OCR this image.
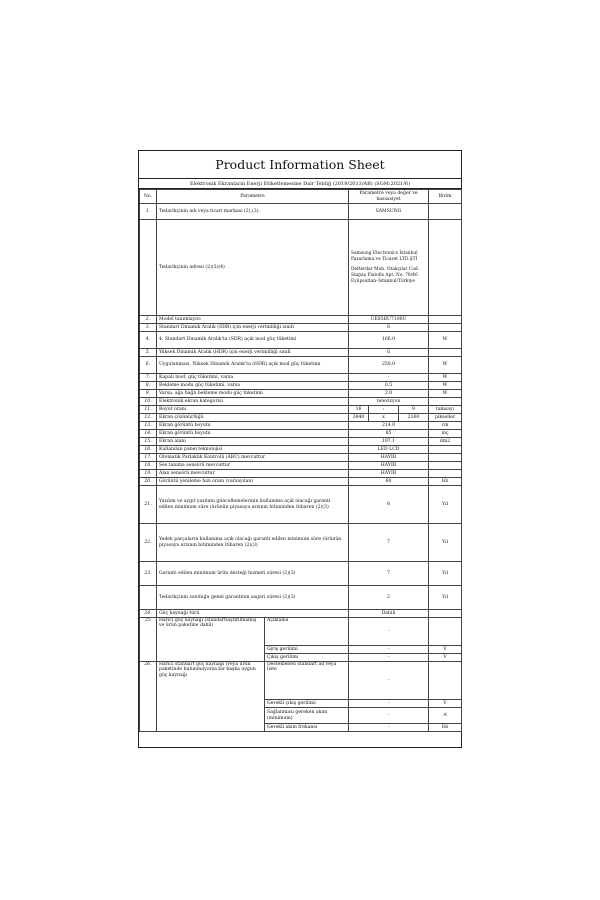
Product Information Sheet
Elektronik Ekranların Enerji Etiketlemesine Dair Tebliğ (2019/2013/AB) (SGM:2021/6)
No.	Parametre		Parametre veya değer ve hassasiyet			Birim
1.	Tedarikçinin adı veya ticari markası (2),(3).		SAMSUNG			
	Tedarikçinin adresi (2)(3)(4)		Samsung Electronics İstanbul
Pazarlama ve Ticaret LTD.ŞTİ
Defterdar Mah. Otakçılar Cad.
Sinpaş Flatofis Apt. No. 78/46
Eyüpsultan–İstanbul/Türkiye			

2.	Model tanımlayıcı		UE85BU7100U			
3.	Standart Dinamik Aralık (SDR) için enerji verimliliği sınıfı		G			
4.	4. Standart Dinamik Aralık'ta (SDR) açık mod güç tüketimi		166.0			W
5.	Yüksek Dinamik Aralık (HDR) için enerji verimliliği sınıfı		G			
6.	Uygulanması, Yüksek Dinamik Aralık'ta (HDR) açık mod güç tüketimi		250.0			W
7.	Kapalı mod, güç tüketimi, varsa		-			W
8.	Bekleme modu güç tüketimi, varsa		0.5			W
9.	Varsa, ağa bağlı bekleme modu güç tüketimi		2.0			W
10.	Elektronik ekran kategorisi		televizyon			
11.	Boyut oranı		16	:	9	tamsayı
12.	Ekran çözünürlüğü		3840	x	2160	pikseller
13.	Ekran görüntü boyutu		214.0			cm
14.	Ekran görüntü boyutu		85			inç
15.	Ekran alanı		197.1			dm2
16.	Kullanılan panel teknolojisi		LED LCD			
17.	Otomatik Parlaklık Kontrolü (ABC) mevcuttur		HAYIR			
18.	Ses tanıma sensörü mevcuttur		HAYIR			
19.	Alan sensörü mevcuttur		HAYIR			
20.	Görüntü yenileme hızı oranı (varsayılan)		60			Hz
21.	Yazılım ve aygıt yazılımı güncellemelerinin kullanıma açık olacağı garanti edilen minimum süre (ürünün piyasaya arzının bitiminden itibaren (2)(3)		8			Yıl
22.	Yedek parçaların kullanıma açık olacağı garanti edilen minimum süre (ürünün piyasaya arzının bitiminden itibaren (2)(3)		7			Yıl
23.	Garanti edilen minimum ürün desteği hizmeti süresi (2)(3)		7			Yıl
	Tedarikçinin sunduğu genel garantinin asgari süresi (2)(3)		2			Yıl
24.	Güç kaynağı türü		Dahili			
25	Harici güç kaynağı (standartlaştırılmamış ve ürün paketine dahil)	Açıklama	-			
		Giriş gerilimi	-			V
		Çıkış gerilimi	-			V
26.	Harici standart güç kaynağı (veya ürün paketinde bulunmuyorsa bir başka uygun güç kaynağı	Desteklenen standart ad veya liste	-			
		Gerekli çıkış gerilimi	-			V
		Sağlanması gereken akım (minimum)	-			A
		Gerekli akım frekansı	-			Hz
